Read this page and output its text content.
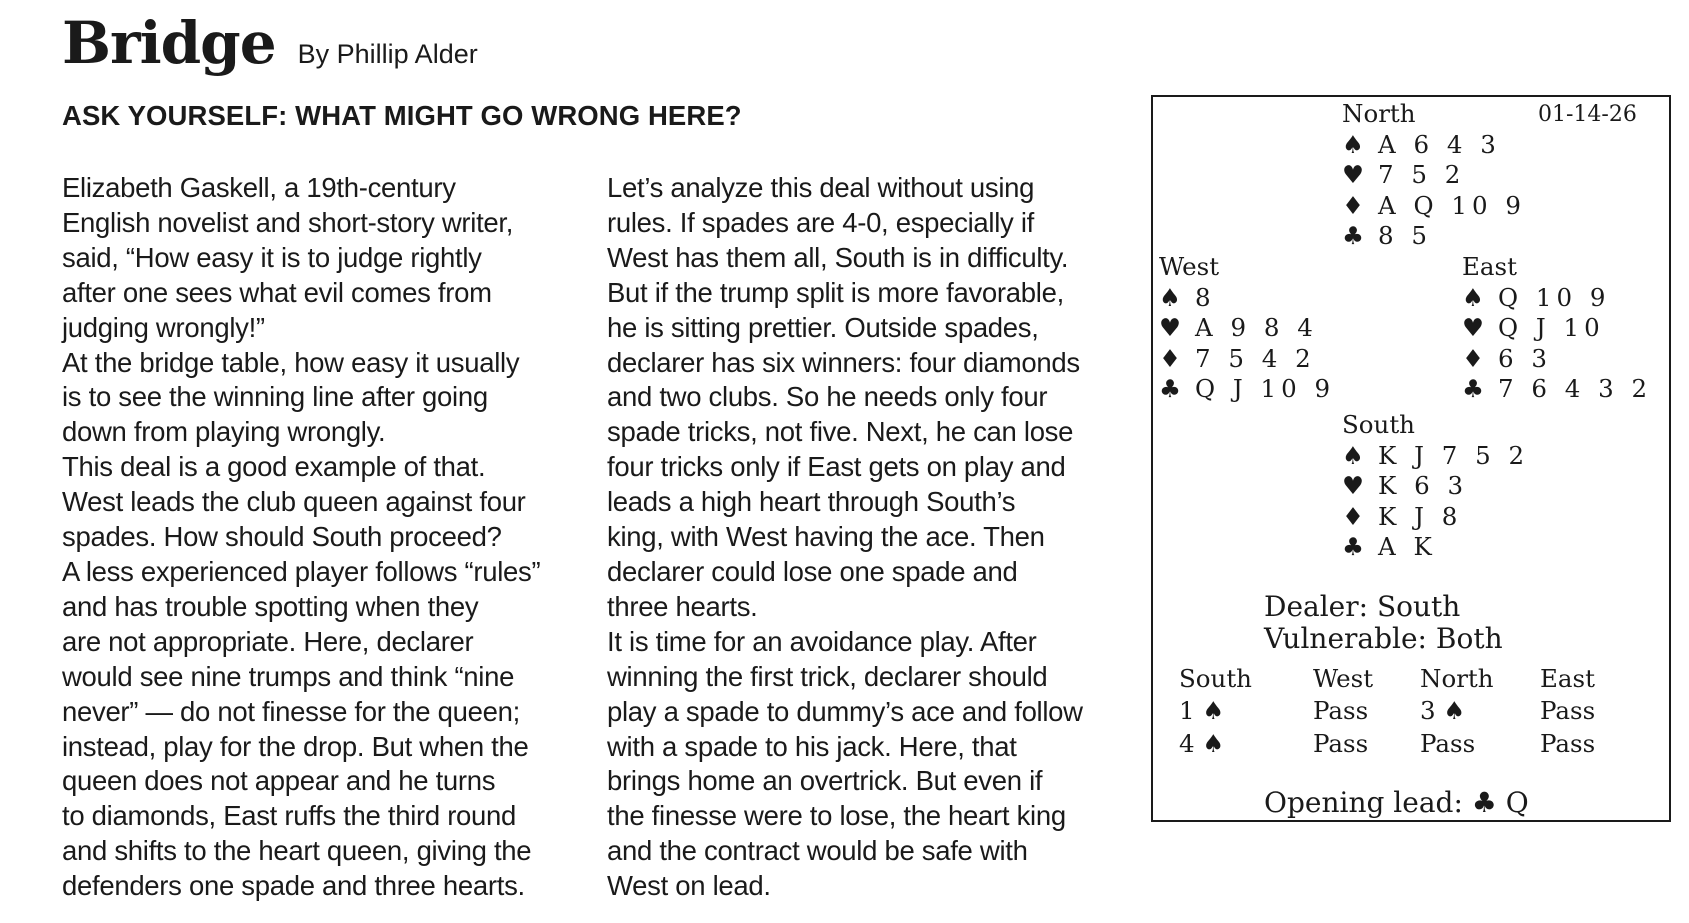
Bridge By Phillip Alder
ASK YOURSELF: WHAT MIGHT GO WRONG HERE?
Elizabeth Gaskell, a 19th-century
English novelist and short-story writer,
said, “How easy it is to judge rightly
after one sees what evil comes from
judging wrongly!”
At the bridge table, how easy it usually
is to see the winning line after going
down from playing wrongly.
This deal is a good example of that.
West leads the club queen against four
spades. How should South proceed?
A less experienced player follows “rules”
and has trouble spotting when they
are not appropriate. Here, declarer
would see nine trumps and think “nine
never” — do not finesse for the queen;
instead, play for the drop. But when the
queen does not appear and he turns
to diamonds, East ruffs the third round
and shifts to the heart queen, giving the
defenders one spade and three hearts.
Let’s analyze this deal without using
rules. If spades are 4-0, especially if
West has them all, South is in difficulty.
But if the trump split is more favorable,
he is sitting prettier. Outside spades,
declarer has six winners: four diamonds
and two clubs. So he needs only four
spade tricks, not five. Next, he can lose
four tricks only if East gets on play and
leads a high heart through South’s
king, with West having the ace. Then
declarer could lose one spade and
three hearts.
It is time for an avoidance play. After
winning the first trick, declarer should
play a spade to dummy’s ace and follow
with a spade to his jack. Here, that
brings home an overtrick. But even if
the finesse were to lose, the heart king
and the contract would be safe with
West on lead.
01-14-26
North
♠ A 6 4 3
♥ 7 5 2
♦ A Q 10 9
♣ 8 5
West
♠ 8
♥ A 9 8 4
♦ 7 5 4 2
♣ Q J 10 9
East
♠ Q 10 9
♥ Q J 10
♦ 6 3
♣ 7 6 4 3 2
South
♠ K J 7 5 2
♥ K 6 3
♦ K J 8
♣ A K
Dealer: South
Vulnerable: Both
South	West	North	East
1 ♠	Pass	3 ♠	Pass
4 ♠	Pass	Pass	Pass
Opening lead: ♣ Q
